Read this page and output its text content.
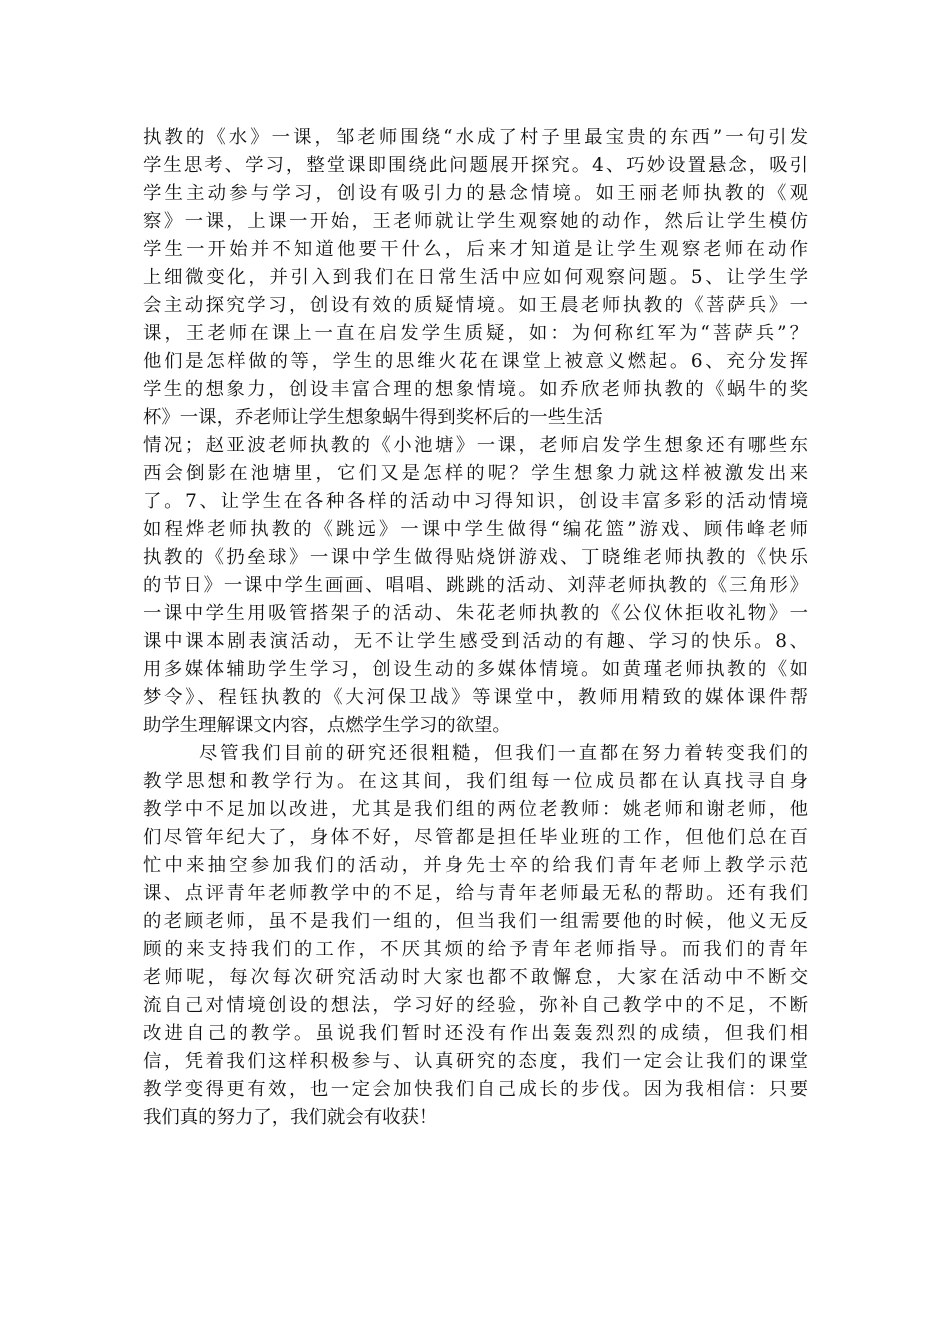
执教的《水》一课，邹老师围绕“水成了村子里最宝贵的东西”一句引发
学生思考、学习，整堂课即围绕此问题展开探究。4、巧妙设置悬念，吸引
学生主动参与学习，创设有吸引力的悬念情境。如王丽老师执教的《观
察》一课，上课一开始，王老师就让学生观察她的动作，然后让学生模仿
学生一开始并不知道他要干什么，后来才知道是让学生观察老师在动作
上细微变化，并引入到我们在日常生活中应如何观察问题。5、让学生学
会主动探究学习，创设有效的质疑情境。如王晨老师执教的《菩萨兵》一
课，王老师在课上一直在启发学生质疑，如：为何称红军为“菩萨兵”？
他们是怎样做的等，学生的思维火花在课堂上被意义燃起。6、充分发挥
学生的想象力，创设丰富合理的想象情境。如乔欣老师执教的《蜗牛的奖
杯》一课，乔老师让学生想象蜗牛得到奖杯后的一些生活
情况；赵亚波老师执教的《小池塘》一课，老师启发学生想象还有哪些东
西会倒影在池塘里，它们又是怎样的呢？学生想象力就这样被激发出来
了。7、让学生在各种各样的活动中习得知识，创设丰富多彩的活动情境
如程烨老师执教的《跳远》一课中学生做得“编花篮”游戏、顾伟峰老师
执教的《扔垒球》一课中学生做得贴烧饼游戏、丁晓维老师执教的《快乐
的节日》一课中学生画画、唱唱、跳跳的活动、刘萍老师执教的《三角形》
一课中学生用吸管搭架子的活动、朱花老师执教的《公仪休拒收礼物》一
课中课本剧表演活动，无不让学生感受到活动的有趣、学习的快乐。8、
用多媒体辅助学生学习，创设生动的多媒体情境。如黄瑾老师执教的《如
梦令》、程钰执教的《大河保卫战》等课堂中，教师用精致的媒体课件帮
助学生理解课文内容，点燃学生学习的欲望。
尽管我们目前的研究还很粗糙，但我们一直都在努力着转变我们的
教学思想和教学行为。在这其间，我们组每一位成员都在认真找寻自身
教学中不足加以改进，尤其是我们组的两位老教师：姚老师和谢老师，他
们尽管年纪大了，身体不好，尽管都是担任毕业班的工作，但他们总在百
忙中来抽空参加我们的活动，并身先士卒的给我们青年老师上教学示范
课、点评青年老师教学中的不足，给与青年老师最无私的帮助。还有我们
的老顾老师，虽不是我们一组的，但当我们一组需要他的时候，他义无反
顾的来支持我们的工作，不厌其烦的给予青年老师指导。而我们的青年
老师呢，每次每次研究活动时大家也都不敢懈怠，大家在活动中不断交
流自己对情境创设的想法，学习好的经验，弥补自己教学中的不足，不断
改进自己的教学。虽说我们暂时还没有作出轰轰烈烈的成绩，但我们相
信，凭着我们这样积极参与、认真研究的态度，我们一定会让我们的课堂
教学变得更有效，也一定会加快我们自己成长的步伐。因为我相信：只要
我们真的努力了，我们就会有收获！
